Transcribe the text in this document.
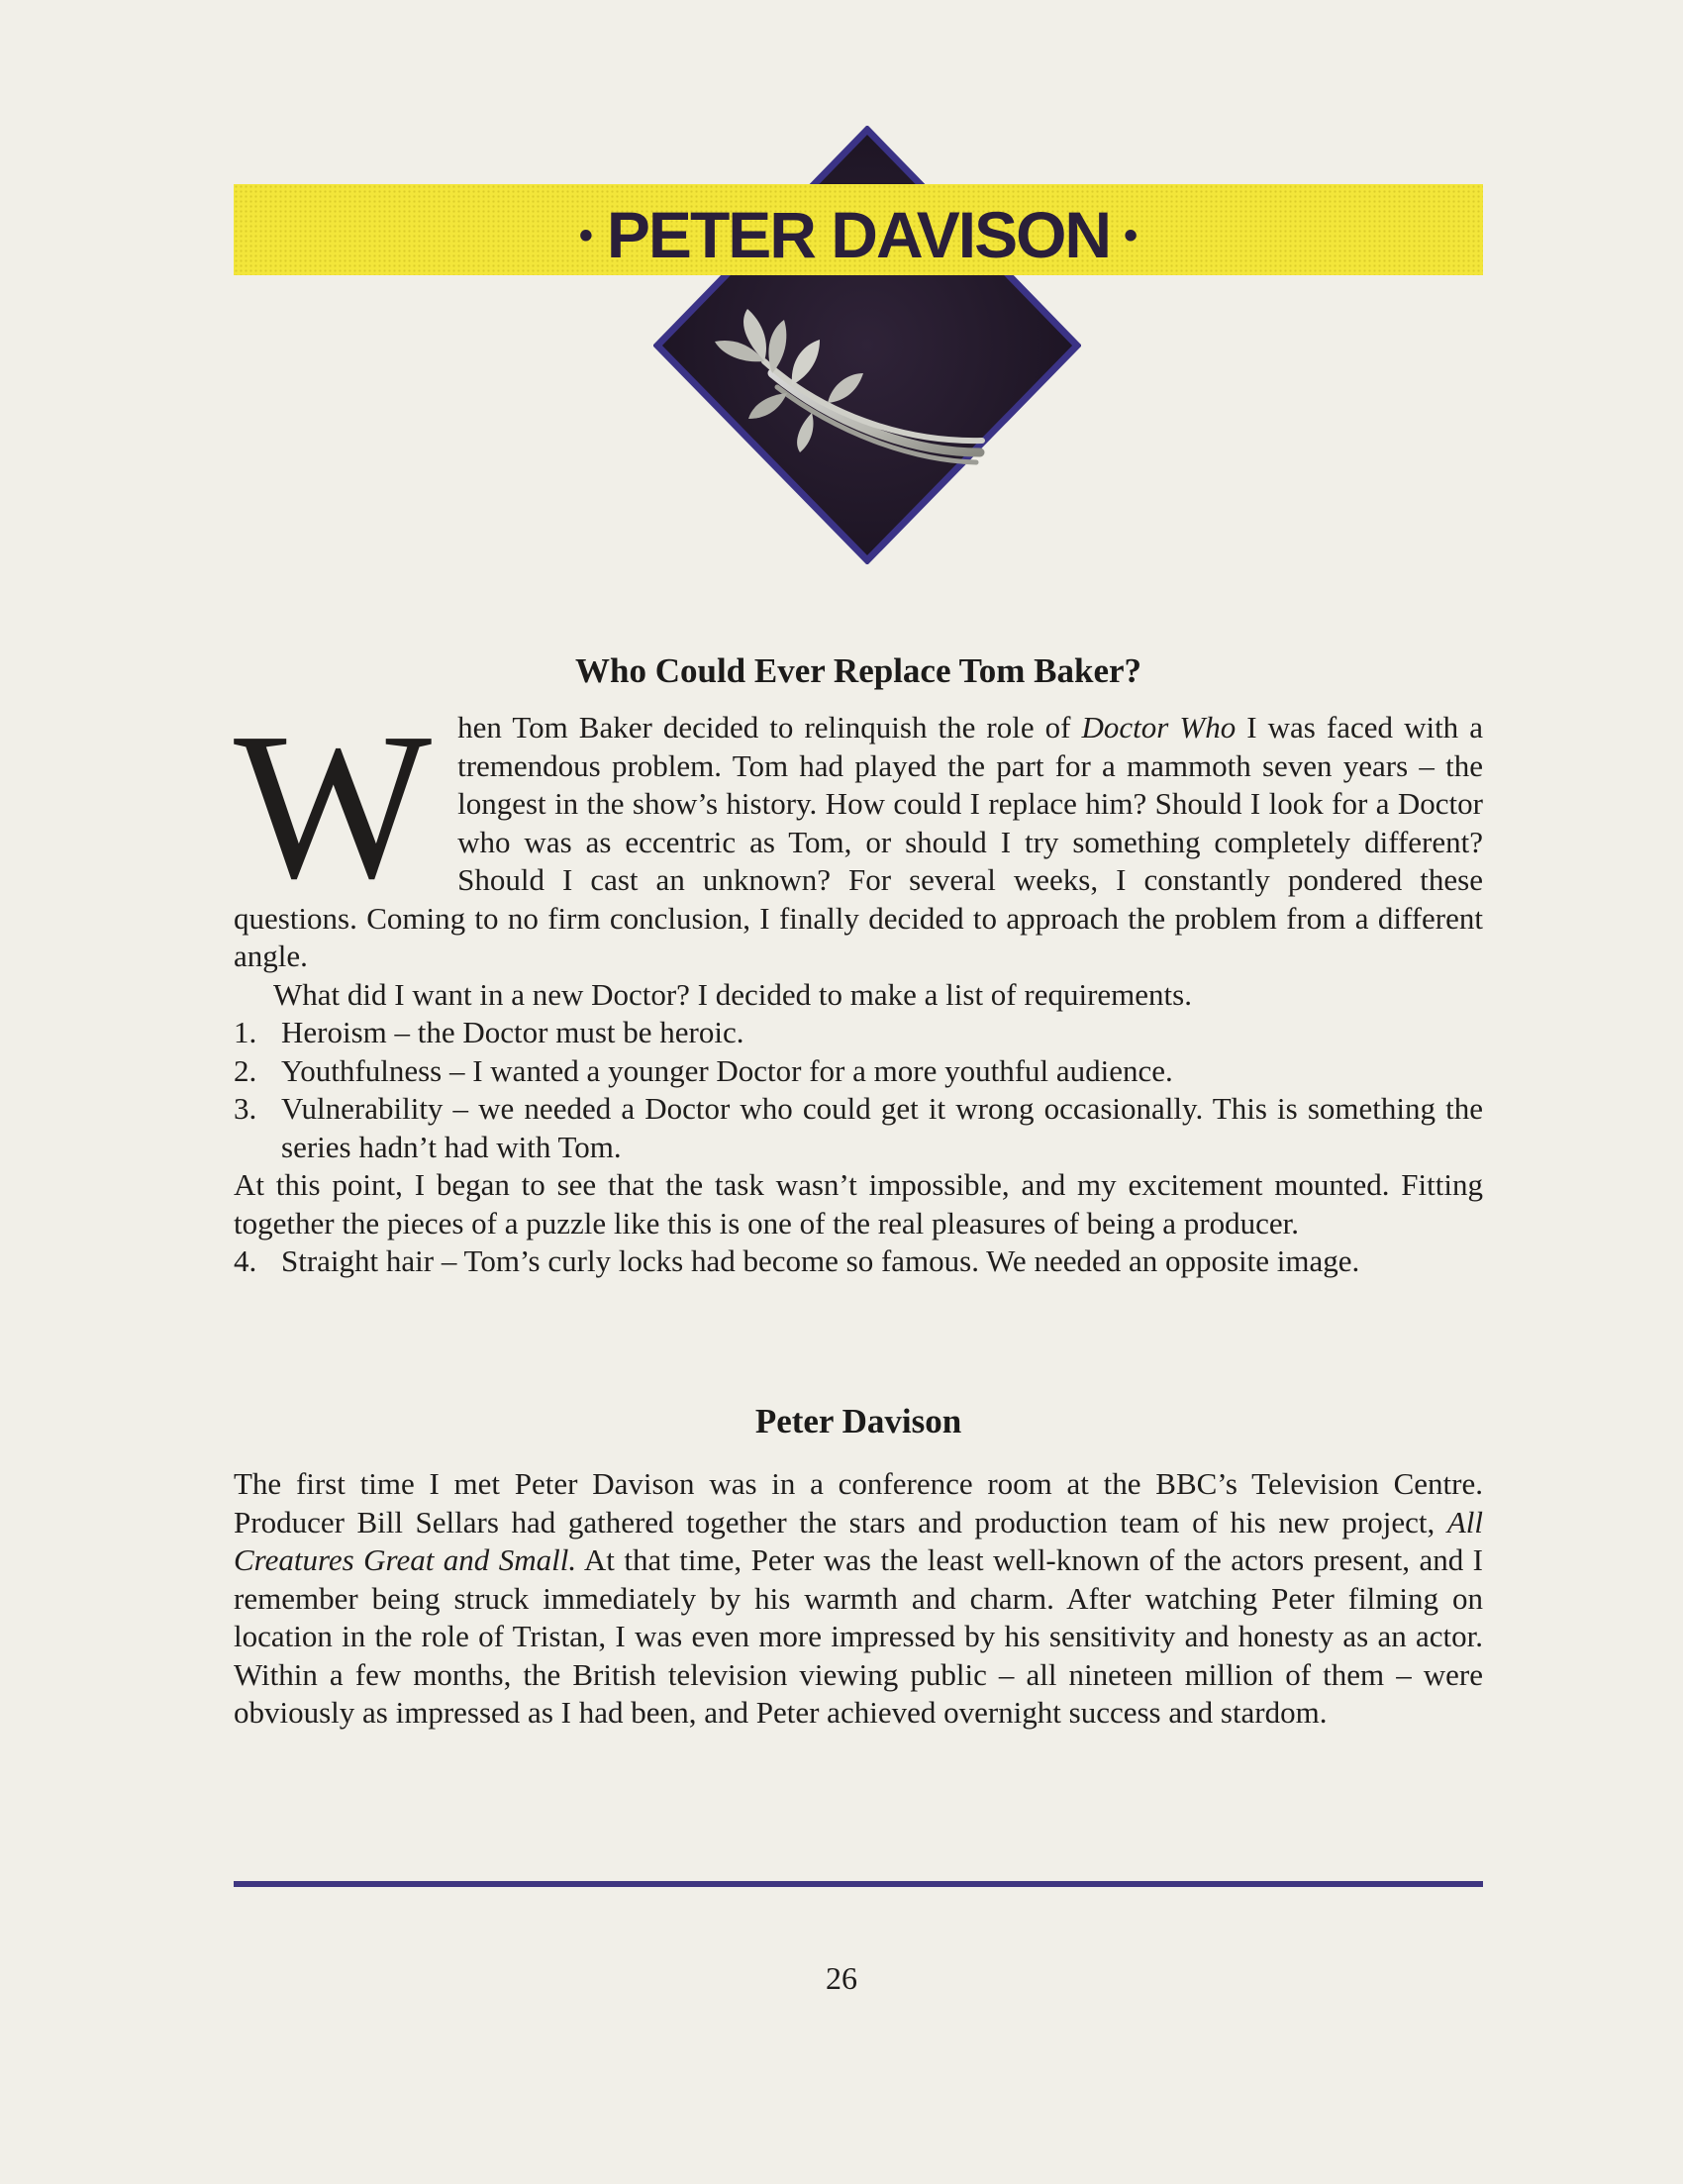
• PETER DAVISON •
Who Could Ever Replace Tom Baker?
W hen Tom Baker decided to relinquish the role of Doctor Who I was faced with a tremendous problem. Tom had played the part for a mammoth seven years – the longest in the show’s history. How could I replace him? Should I look for a Doctor who was as eccentric as Tom, or should I try something completely different? Should I cast an unknown? For several weeks, I constantly pondered these questions. Coming to no firm conclusion, I finally decided to approach the problem from a different angle.

What did I want in a new Doctor? I decided to make a list of requirements.

1. Heroism – the Doctor must be heroic.
2. Youthfulness – I wanted a younger Doctor for a more youthful audience.
3. Vulnerability – we needed a Doctor who could get it wrong occasionally. This is something the series hadn’t had with Tom.

At this point, I began to see that the task wasn’t impossible, and my excitement mounted. Fitting together the pieces of a puzzle like this is one of the real pleasures of being a producer.

4. Straight hair – Tom’s curly locks had become so famous. We needed an opposite image.
Peter Davison

The first time I met Peter Davison was in a conference room at the BBC’s Television Centre. Producer Bill Sellars had gathered together the stars and production team of his new project, All Creatures Great and Small. At that time, Peter was the least well-known of the actors present, and I remember being struck immediately by his warmth and charm. After watching Peter filming on location in the role of Tristan, I was even more impressed by his sensitivity and honesty as an actor. Within a few months, the British television viewing public – all nineteen million of them – were obviously as impressed as I had been, and Peter achieved overnight success and stardom.

26
